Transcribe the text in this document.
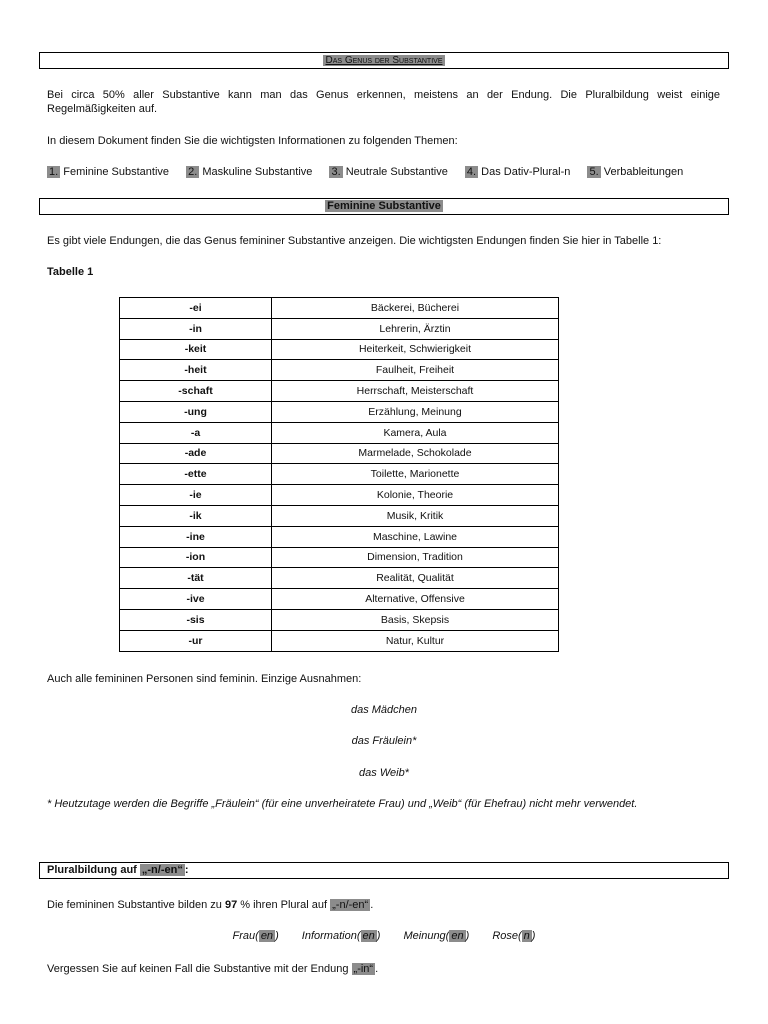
Das Genus der Substantive
Bei circa 50% aller Substantive kann man das Genus erkennen, meistens an der Endung. Die Pluralbildung weist einige Regelmäßigkeiten auf.
In diesem Dokument finden Sie die wichtigsten Informationen zu folgenden Themen:
1. Feminine Substantive 2. Maskuline Substantive 3. Neutrale Substantive 4. Das Dativ-Plural-n 5. Verbableitungen
Feminine Substantive
Es gibt viele Endungen, die das Genus femininer Substantive anzeigen. Die wichtigsten Endungen finden Sie hier in Tabelle 1:
Tabelle 1
-ei	Bäckerei, Bücherei
-in	Lehrerin, Ärztin
-keit	Heiterkeit, Schwierigkeit
-heit	Faulheit, Freiheit
-schaft	Herrschaft, Meisterschaft
-ung	Erzählung, Meinung
-a	Kamera, Aula
-ade	Marmelade, Schokolade
-ette	Toilette, Marionette
-ie	Kolonie, Theorie
-ik	Musik, Kritik
-ine	Maschine, Lawine
-ion	Dimension, Tradition
-tät	Realität, Qualität
-ive	Alternative, Offensive
-sis	Basis, Skepsis
-ur	Natur, Kultur
Auch alle femininen Personen sind feminin. Einzige Ausnahmen:
das Mädchen
das Fräulein*
das Weib*
* Heutzutage werden die Begriffe „Fräulein“ (für eine unverheiratete Frau) und „Weib“ (für Ehefrau) nicht mehr verwendet.
Pluralbildung auf „-n/-en“ :
Die femininen Substantive bilden zu 97 % ihren Plural auf „-n/-en“ .
Frau( en ) Information( en ) Meinung( en ) Rose( n )
Vergessen Sie auf keinen Fall die Substantive mit der Endung „-in“ .
